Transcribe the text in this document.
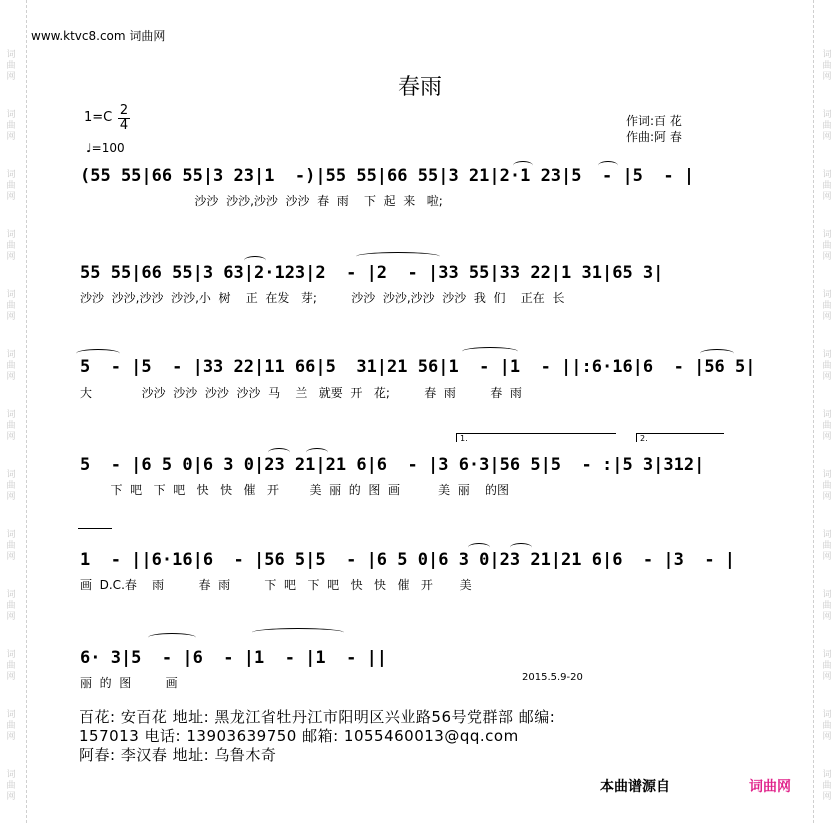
www.ktvc8.com 词曲网
春雨
$1=C \frac{2}{4}$
♩=100
作词:百 花
作曲:阿 春
(55 55|66 55|3 23|1  -)|55 55|66 55|3 21|2·1 23|5  - |5  - |
沙沙  沙沙,沙沙  沙沙  春  雨    下  起  来   啦;
55 55|66 55|3 63|2·123|2  - |2  - |33 55|33 22|1 31|65 3|
沙沙  沙沙,沙沙  沙沙,小  树    正  在发   芽;         沙沙  沙沙,沙沙  沙沙  我  们    正在  长
5  - |5  - |33 22|11 66|5  31|21 56|1  - |1  - ||:6·16|6  - |56 5|
大             沙沙  沙沙  沙沙  沙沙  马    兰   就要  开   花;         春  雨         春  雨
1.	2.
5  - |6 5 0|6 3 0|23 21|21 6|6  - |3 6·3|56 5|5  - :|5 3|312|
下  吧   下  吧   快   快   催   开        美  丽  的  图  画          美  丽    的图
1  - ||6·16|6  - |56 5|5  - |6 5 0|6 3 0|23 21|21 6|6  - |3  - |
画  D.C.春    雨         春  雨         下  吧   下  吧   快   快   催   开       美
6· 3|5  - |6  - |1  - |1  - ||
丽  的  图         画	2015.5.9-20
百花: 安百花 地址: 黑龙江省牡丹江市阳明区兴业路56号党群部 邮编:
157013 电话: 13903639750 邮箱: 1055460013@qq.com
阿春: 李汉春 地址: 乌鲁木奇
本曲谱源自	词曲网
词
曲
网
词
曲
网
词
曲
网
词
曲
网
词
曲
网
词
曲
网
词
曲
网
词
曲
网
词
曲
网
词
曲
网
词
曲
网
词
曲
网
词
曲
网
词
曲
网
词
曲
网
词
曲
网
词
曲
网
词
曲
网
词
曲
网
词
曲
网
词
曲
网
词
曲
网
词
曲
网
词
曲
网
词
曲
网
词
曲
网
